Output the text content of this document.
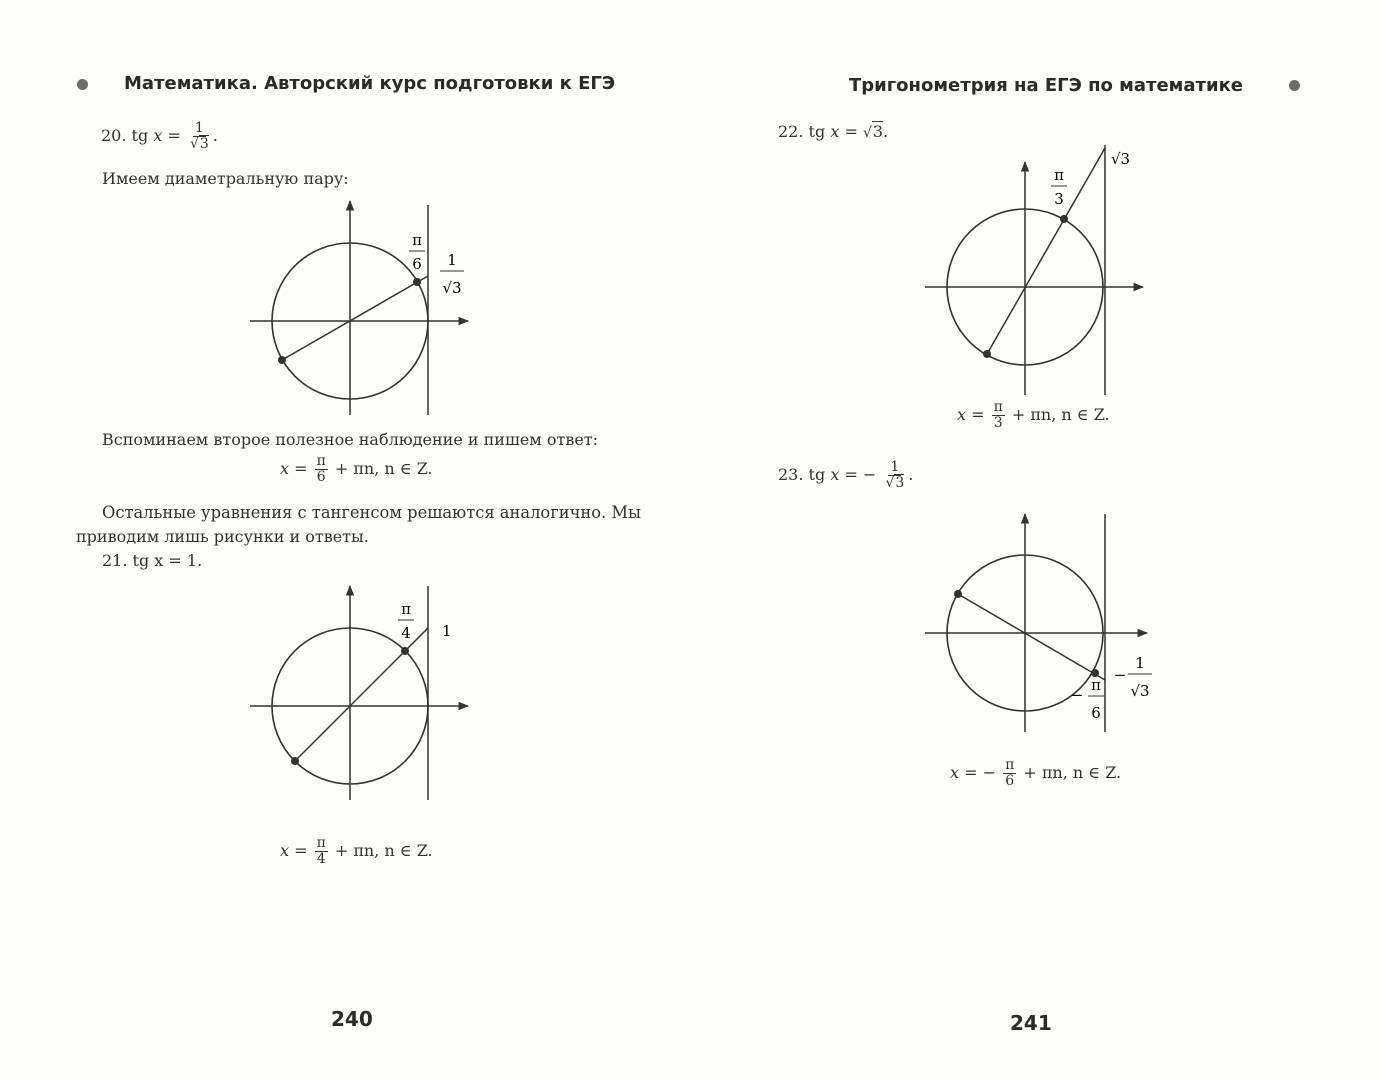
Математика. Авторский курс подготовки к ЕГЭ
20. tg $x = \frac{1}{√3}$ .
Имеем диаметральную пару:
π
6 1
√3
Вспоминаем второе полезное наблюдение и пишем ответ:
$x = \frac{\pi}{6} + \pi n$, n ∈ Z.
Остальные уравнения с тангенсом решаются аналогично. Мы
приводим лишь рисунки и ответы.
21. tg x = 1.
π
4 1
$x = \frac{\pi}{4} + \pi n$, n ∈ Z.
240
Тригонометрия на ЕГЭ по математике
22. tg x = √3.
π
3
√3
$x = \frac{\pi}{3} + \pi n$, n ∈ Z.
23. tg x = − $\frac{1}{√3}$ .
−
π
6
−
1
√3
x = − $\frac{\pi}{6} + \pi n$, n ∈ Z.
241
